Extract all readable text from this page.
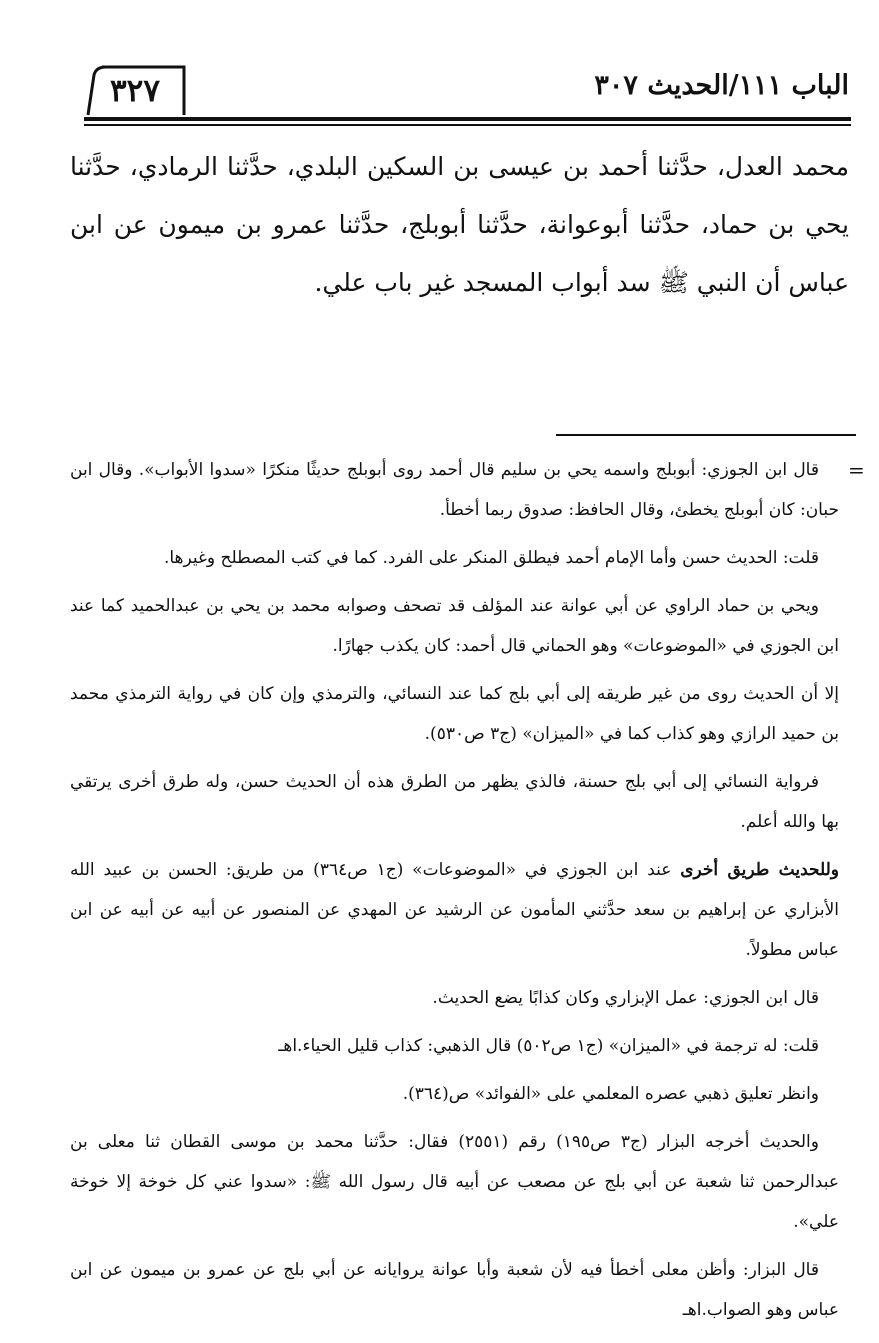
الباب ١١١/الحديث ٣٠٧
٣٢٧

محمد العدل، حدَّثنا أحمد بن عيسى بن السكين البلدي، حدَّثنا الرمادي، حدَّثنا يحي بن حماد، حدَّثنا أبوعوانة، حدَّثنا أبوبلج، حدَّثنا عمرو بن ميمون عن ابن عباس أن النبي ﷺ سد أبواب المسجد غير باب علي.

=

قال ابن الجوزي: أبوبلج واسمه يحي بن سليم قال أحمد روى أبوبلج حديثًا منكرًا «سدوا الأبواب». وقال ابن حبان: كان أبوبلج يخطئ، وقال الحافظ: صدوق ربما أخطأ.

قلت: الحديث حسن وأما الإمام أحمد فيطلق المنكر على الفرد. كما في كتب المصطلح وغيرها.

ويحي بن حماد الراوي عن أبي عوانة عند المؤلف قد تصحف وصوابه محمد بن يحي بن عبدالحميد كما عند ابن الجوزي في «الموضوعات» وهو الحماني قال أحمد: كان يكذب جهارًا.

إلا أن الحديث روى من غير طريقه إلى أبي بلج كما عند النسائي، والترمذي وإن كان في رواية الترمذي محمد بن حميد الرازي وهو كذاب كما في «الميزان» (ج٣ ص٥٣٠).

فرواية النسائي إلى أبي بلج حسنة، فالذي يظهر من الطرق هذه أن الحديث حسن، وله طرق أخرى يرتقي بها والله أعلم.

وللحديث طريق أخرى عند ابن الجوزي في «الموضوعات» (ج١ ص٣٦٤) من طريق: الحسن بن عبيد الله الأبزاري عن إبراهيم بن سعد حدَّثني المأمون عن الرشيد عن المهدي عن المنصور عن أبيه عن أبيه عن ابن عباس مطولاً.

قال ابن الجوزي: عمل الإبزاري وكان كذابًا يضع الحديث.

قلت: له ترجمة في «الميزان» (ج١ ص٥٠٢) قال الذهبي: كذاب قليل الحياء.اهـ

وانظر تعليق ذهبي عصره المعلمي على «الفوائد» ص(٣٦٤).

والحديث أخرجه البزار (ج٣ ص١٩٥) رقم (٢٥٥١) فقال: حدَّثنا محمد بن موسى القطان ثنا معلى بن عبدالرحمن ثنا شعبة عن أبي بلج عن مصعب عن أبيه قال رسول الله ﷺ: «سدوا عني كل خوخة إلا خوخة علي».

قال البزار: وأظن معلى أخطأ فيه لأن شعبة وأبا عوانة يروايانه عن أبي بلج عن عمرو بن ميمون عن ابن عباس وهو الصواب.اهـ
